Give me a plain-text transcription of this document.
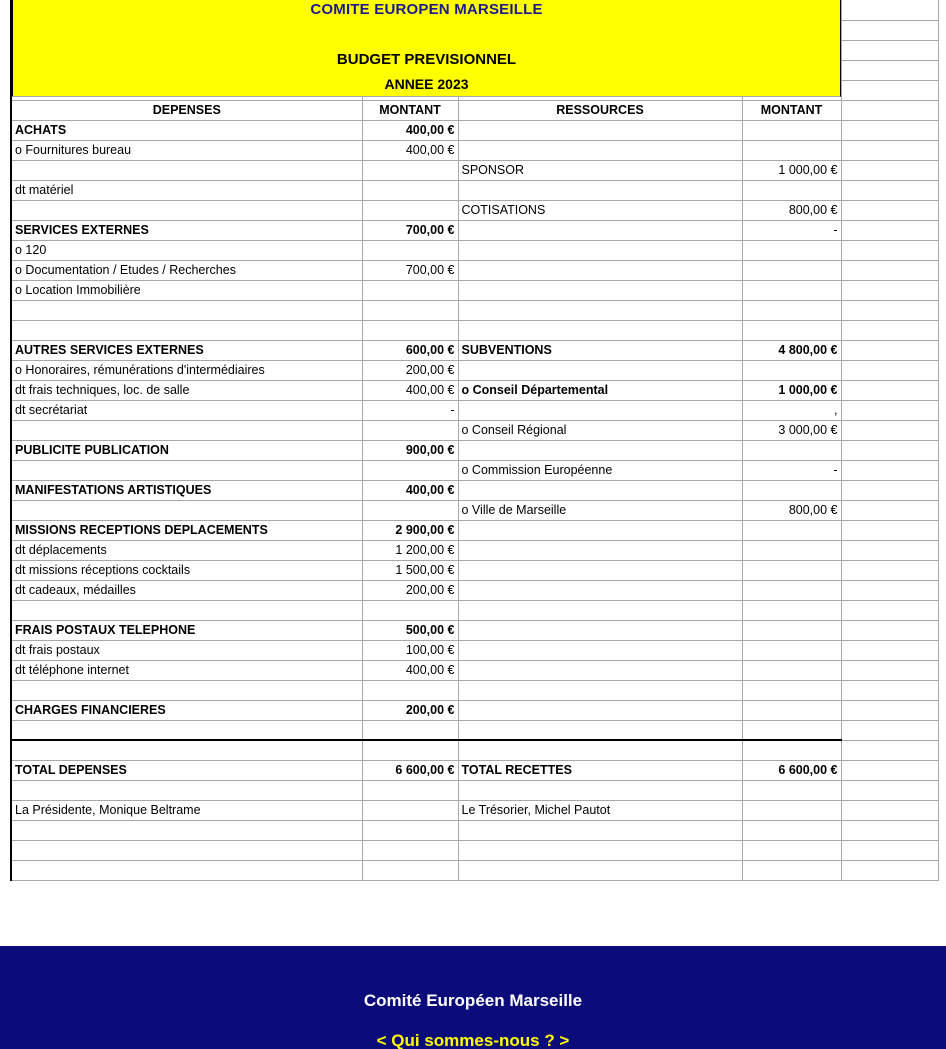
	DEPENSES	MONTANT	RESSOURCES	MONTANT		
	ACHATS	400,00 €				
	o Fournitures bureau	400,00 €				
			SPONSOR	1 000,00 €		
	dt matériel					
			COTISATIONS	800,00 €		
	SERVICES EXTERNES	700,00 €		-		
	o 120					
	o Documentation / Etudes / Recherches	700,00 €				
	o Location Immobilière					

	AUTRES SERVICES EXTERNES	600,00 €	SUBVENTIONS	4 800,00 €		
	o Honoraires, rémunérations d'intermédiaires	200,00 €				
	dt frais techniques, loc. de salle	400,00 €	o Conseil Départemental	1 000,00 €		
	dt secrétariat	-		,		
			o Conseil Régional	3 000,00 €		
	PUBLICITE PUBLICATION	900,00 €				
			o Commission Européenne	-		
	MANIFESTATIONS ARTISTIQUES	400,00 €				
			o Ville de Marseille	800,00 €		
	MISSIONS RECEPTIONS DEPLACEMENTS	2 900,00 €				
	dt déplacements	1 200,00 €				
	dt missions réceptions cocktails	1 500,00 €				
	dt cadeaux, médailles	200,00 €				

	FRAIS POSTAUX TELEPHONE	500,00 €				
	dt frais postaux	100,00 €				
	dt téléphone internet	400,00 €				

	CHARGES FINANCIERES	200,00 €				

	TOTAL DEPENSES	6 600,00 €	TOTAL RECETTES	6 600,00 €		

	La Présidente, Monique Beltrame		Le Trésorier, Michel Pautot			

COMITE EUROPEN MARSEILLE
BUDGET PREVISIONNEL
ANNEE 2023
Comité Européen Marseille
< Qui sommes-nous ? >
